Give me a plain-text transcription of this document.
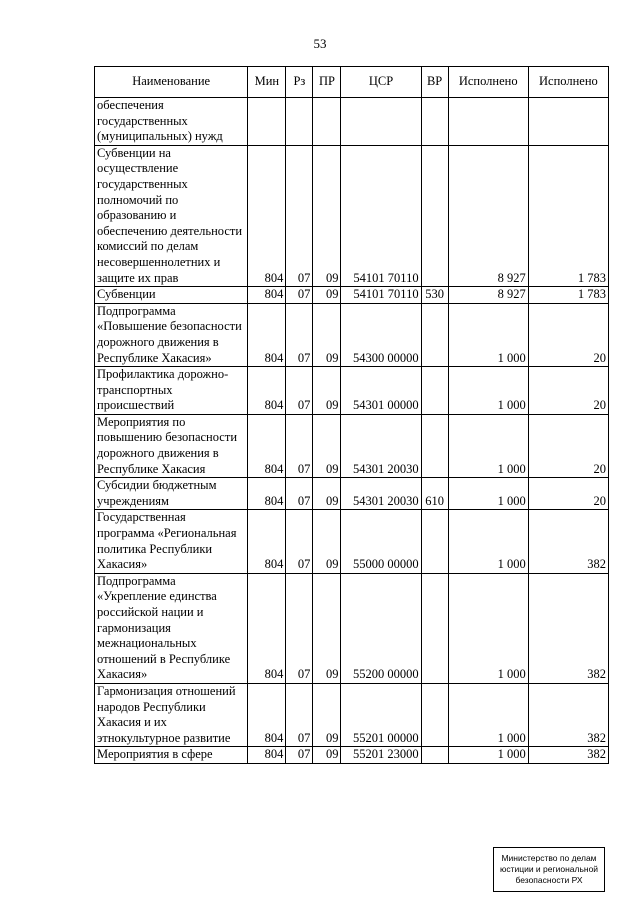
53
Наименование	Мин	Рз	ПР	ЦСР	ВР	Исполнено	Исполнено
обеспечения государственных (муниципальных) нужд							
Субвенции на осуществление государственных полномочий по образованию и обеспечению деятельности комиссий по делам несовершеннолетних и защите их прав	804	07	09	54101 70110		8 927	1 783
Субвенции	804	07	09	54101 70110	530	8 927	1 783
Подпрограмма «Повышение безопасности дорожного движения в Республике Хакасия»	804	07	09	54300 00000		1 000	20
Профилактика дорожно-транспортных происшествий	804	07	09	54301 00000		1 000	20
Мероприятия по повышению безопасности дорожного движения в Республике Хакасия	804	07	09	54301 20030		1 000	20
Субсидии бюджетным учреждениям	804	07	09	54301 20030	610	1 000	20
Государственная программа «Региональная политика Республики Хакасия»	804	07	09	55000 00000		1 000	382
Подпрограмма «Укрепление единства российской нации и гармонизация межнациональных отношений в Республике Хакасия»	804	07	09	55200 00000		1 000	382
Гармонизация отношений народов Республики Хакасия и их этнокультурное развитие	804	07	09	55201 00000		1 000	382
Мероприятия в сфере	804	07	09	55201 23000		1 000	382
Министерство по делам
юстиции и региональной
безопасности РХ
